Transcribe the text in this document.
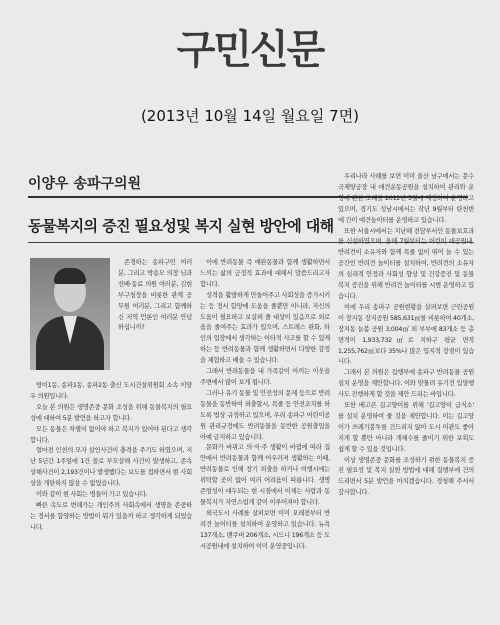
구민신문
(2013년 10월 14일 월요일 7면)
이양우 송파구의원
동물복지의 증진 필요성및 복지 실현 방안에 대해

존경하는 송파구민 여러분, 그리고 박용모 의장 님과 선배·동료 의원 여러분, 김현 부구청장을 비롯한 관계 공무원 여러분, 그리고 함께하신 지역 언론인 여러분 안녕하십니까?

방이1동, 송파1동, 송파2동 출신 도시건설위원회 소속 이양우 의원입니다.

오늘 본 의원은 생명존중 문화 조성을 위해 동물복지의 필요성에 대하여 5분 발언을 하고자 합니다.

모든 동물은 차별이 없어야 하고 복지가 있어야 된다고 생각합니다.

얼마전 인천의 모자 살인사건이 충격을 주기도 하였으며, 지난 5년간 1주일에 1건 꼴로 부모살해 사건이 발생하고, 존속 상해사건이 2,193건이나 발생했다는 보도를 접하면서 현 사회상을 개탄하지 않을 수 없었습니다.

이와 같이 현 사회는 병들어 가고 있습니다.

빠른 속도로 변해가는 개인주의 사회속에서 생명을 존중하는 정서를 함양하는 방법이 뭐가 있을까 하고 생각하게 되었습니다.

이에 반려동물 즉 애완동물과 함께 생활하면서 느끼는 삶의 긍정적 효과에 대해서 말씀드리고자 합니다.

성격을 활발하게 만들어주고 사회성을 증가시키는 등 정서 함양에 도움을 줄뿐만 아니라, 자신의 도움이 필요하고 보살펴 줄 대상이 있음으로 외로움을 줄여주는 효과가 있으며, 스트레스 완화, 타인의 입장에서 생각하는 이타적 사고를 할 수 있게 하는 등 반려동물과 함께 생활하면서 다양한 감정을 체험하고 배울 수 있습니다.

그래서 반려동물을 내 가족같이 아끼는 이웃을 주변에서 많이 보게 됩니다.

그러나 유기 동물 및 안전성의 문제 등으로 반려동물을 동반하여 외출할시, 목줄 등 안전조치를 하도록 법상 규정하고 있으며, 우리 송파구 어린이공원 관리규정에도 반려동물을 동반한 공원출입을 아예 금지하고 있습니다.

문화가 바뀌고 의·식·주 생활이 바뀜에 따라 집안에서 반려동물과 함께 어우러져 생활하는 이때, 반려동물로 인해 장기 외출을 하거나 여행시에는 위탁할 곳이 없어 여러 어려움이 따릅니다. 생명 존엄성이 대두되는 현 시점에서 이제는 사람과 동물복지가 자연스럽게 같이 이루어져야 합니다.

외국도시 사례를 살펴보면 이미 오래전부터 반려견 놀이터를 설치하여 운영하고 있습니다. 뉴욕 137개소, 밴쿠버 206개소, 시드니 196개소 등 도시공원내에 설치하여 이미 운영중입니다.

우리나라 사례를 보면 이미 울산 남구에서는 문수국제양궁장 내 애견운동공원을 설치하여 관리와 운영에 관한 조례를 2012년 5월에 제정하여 운영하고 있으며, 경기도 성남시에서는 작년 9월부터 탄천변에 간이 애견놀이터를 운영하고 있습니다.

또한 서울시에서는 지난해 전담부서인 동물보호과를 신설하였으며, 올해 7월부터는 어린이 대공원내, 반려견이 소유자와 함께 목줄 없이 뛰어 놀 수 있는 공간인 반려견 놀이터를 설치하여, 반려견의 소유자의 심리적 안정과 사회성 향상 및 건강증진 및 동물복지 증진을 위해 반려견 놀이터를 시범 운영하고 있습니다.

이에 우리 송파구 공원현황을 살펴보면 근린공원이 장지동 장지공원 585,631㎡를 비롯하여 40개소, 장지동 늘봄 공원 3,004㎡ 외 부부에 83개소 등 총 면적이 1,933,732㎡로 지하구 평균 면적 1,255,762㎡보다 35%나 많은 입지적 장점이 있습니다.

그래서 본 의원은 집행부에 송파구 반려동물 공원 설치 운영을 제안합니다. 이와 맞물려 유기견 입양행사도 진행하게 할 것을 제안 드리는 바입니다.

또한 배고픈 길고양이를 위해 '길고양이 급식소' 를 설치 운영하여 줄 것을 제안합니다. 이는 길고양이가 쓰레기봉투를 건드리지 않아 도시 미관도 좋아지게 할 뿐만 아니라 개체수를 줄이기 위한 포획도 쉽게 할 수 있을 것입니다.

이상 생명존중 문화를 조성하기 위한 동물복지 증진 필요성 및 복지 실현 방법에 대해 집행부에 건의드리면서 5분 발언을 마치겠습니다. 경청해 주셔서 감사합니다.
